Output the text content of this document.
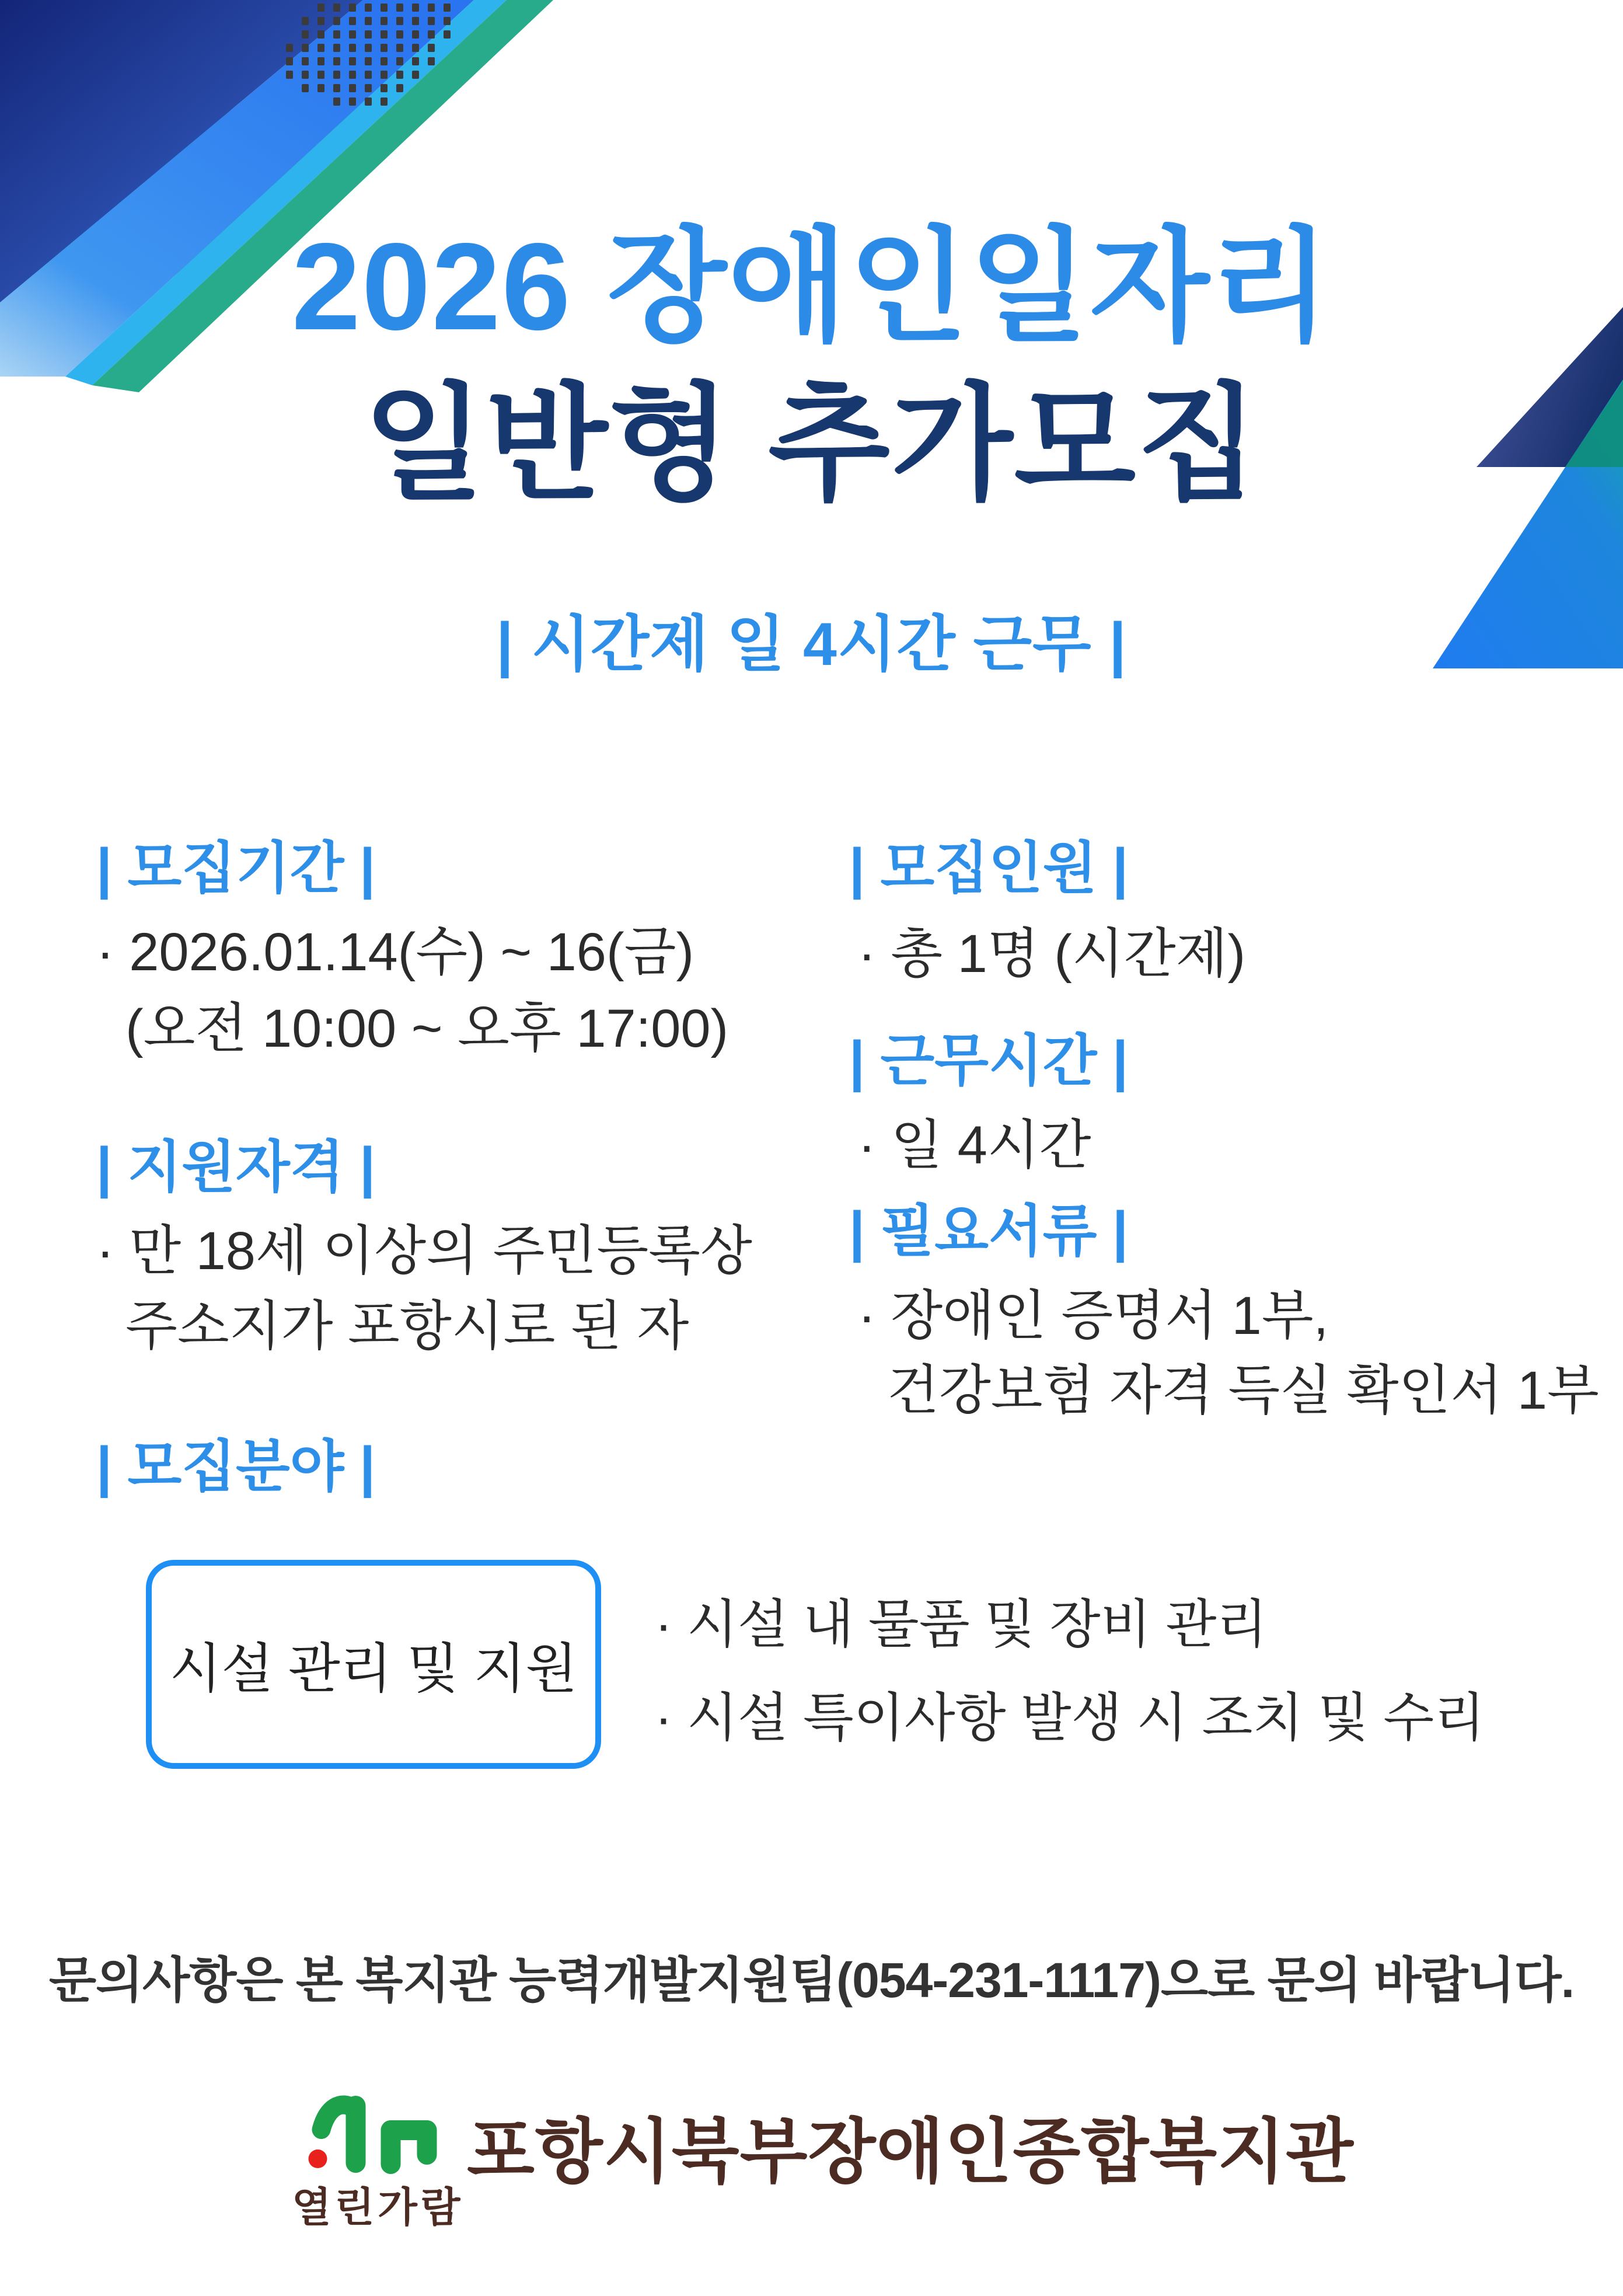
2026 장애인일자리
일반형 추가모집
| 시간제 일 4시간 근무 |
| 모집기간 |
· 2026.01.14(수) ~ 16(금)
(오전 10:00 ~ 오후 17:00)
| 지원자격 |
· 만 18세 이상의 주민등록상
주소지가 포항시로 된 자
| 모집분야 |
| 모집인원 |
· 총 1명 (시간제)
| 근무시간 |
· 일 4시간
| 필요서류 |
· 장애인 증명서 1부,
건강보험 자격 득실 확인서 1부
시설 관리 및 지원
· 시설 내 물품 및 장비 관리
· 시설 특이사항 발생 시 조치 및 수리
문의사항은 본 복지관 능력개발지원팀(054-231-1117)으로 문의 바랍니다.
열린가람
포항시북부장애인종합복지관
